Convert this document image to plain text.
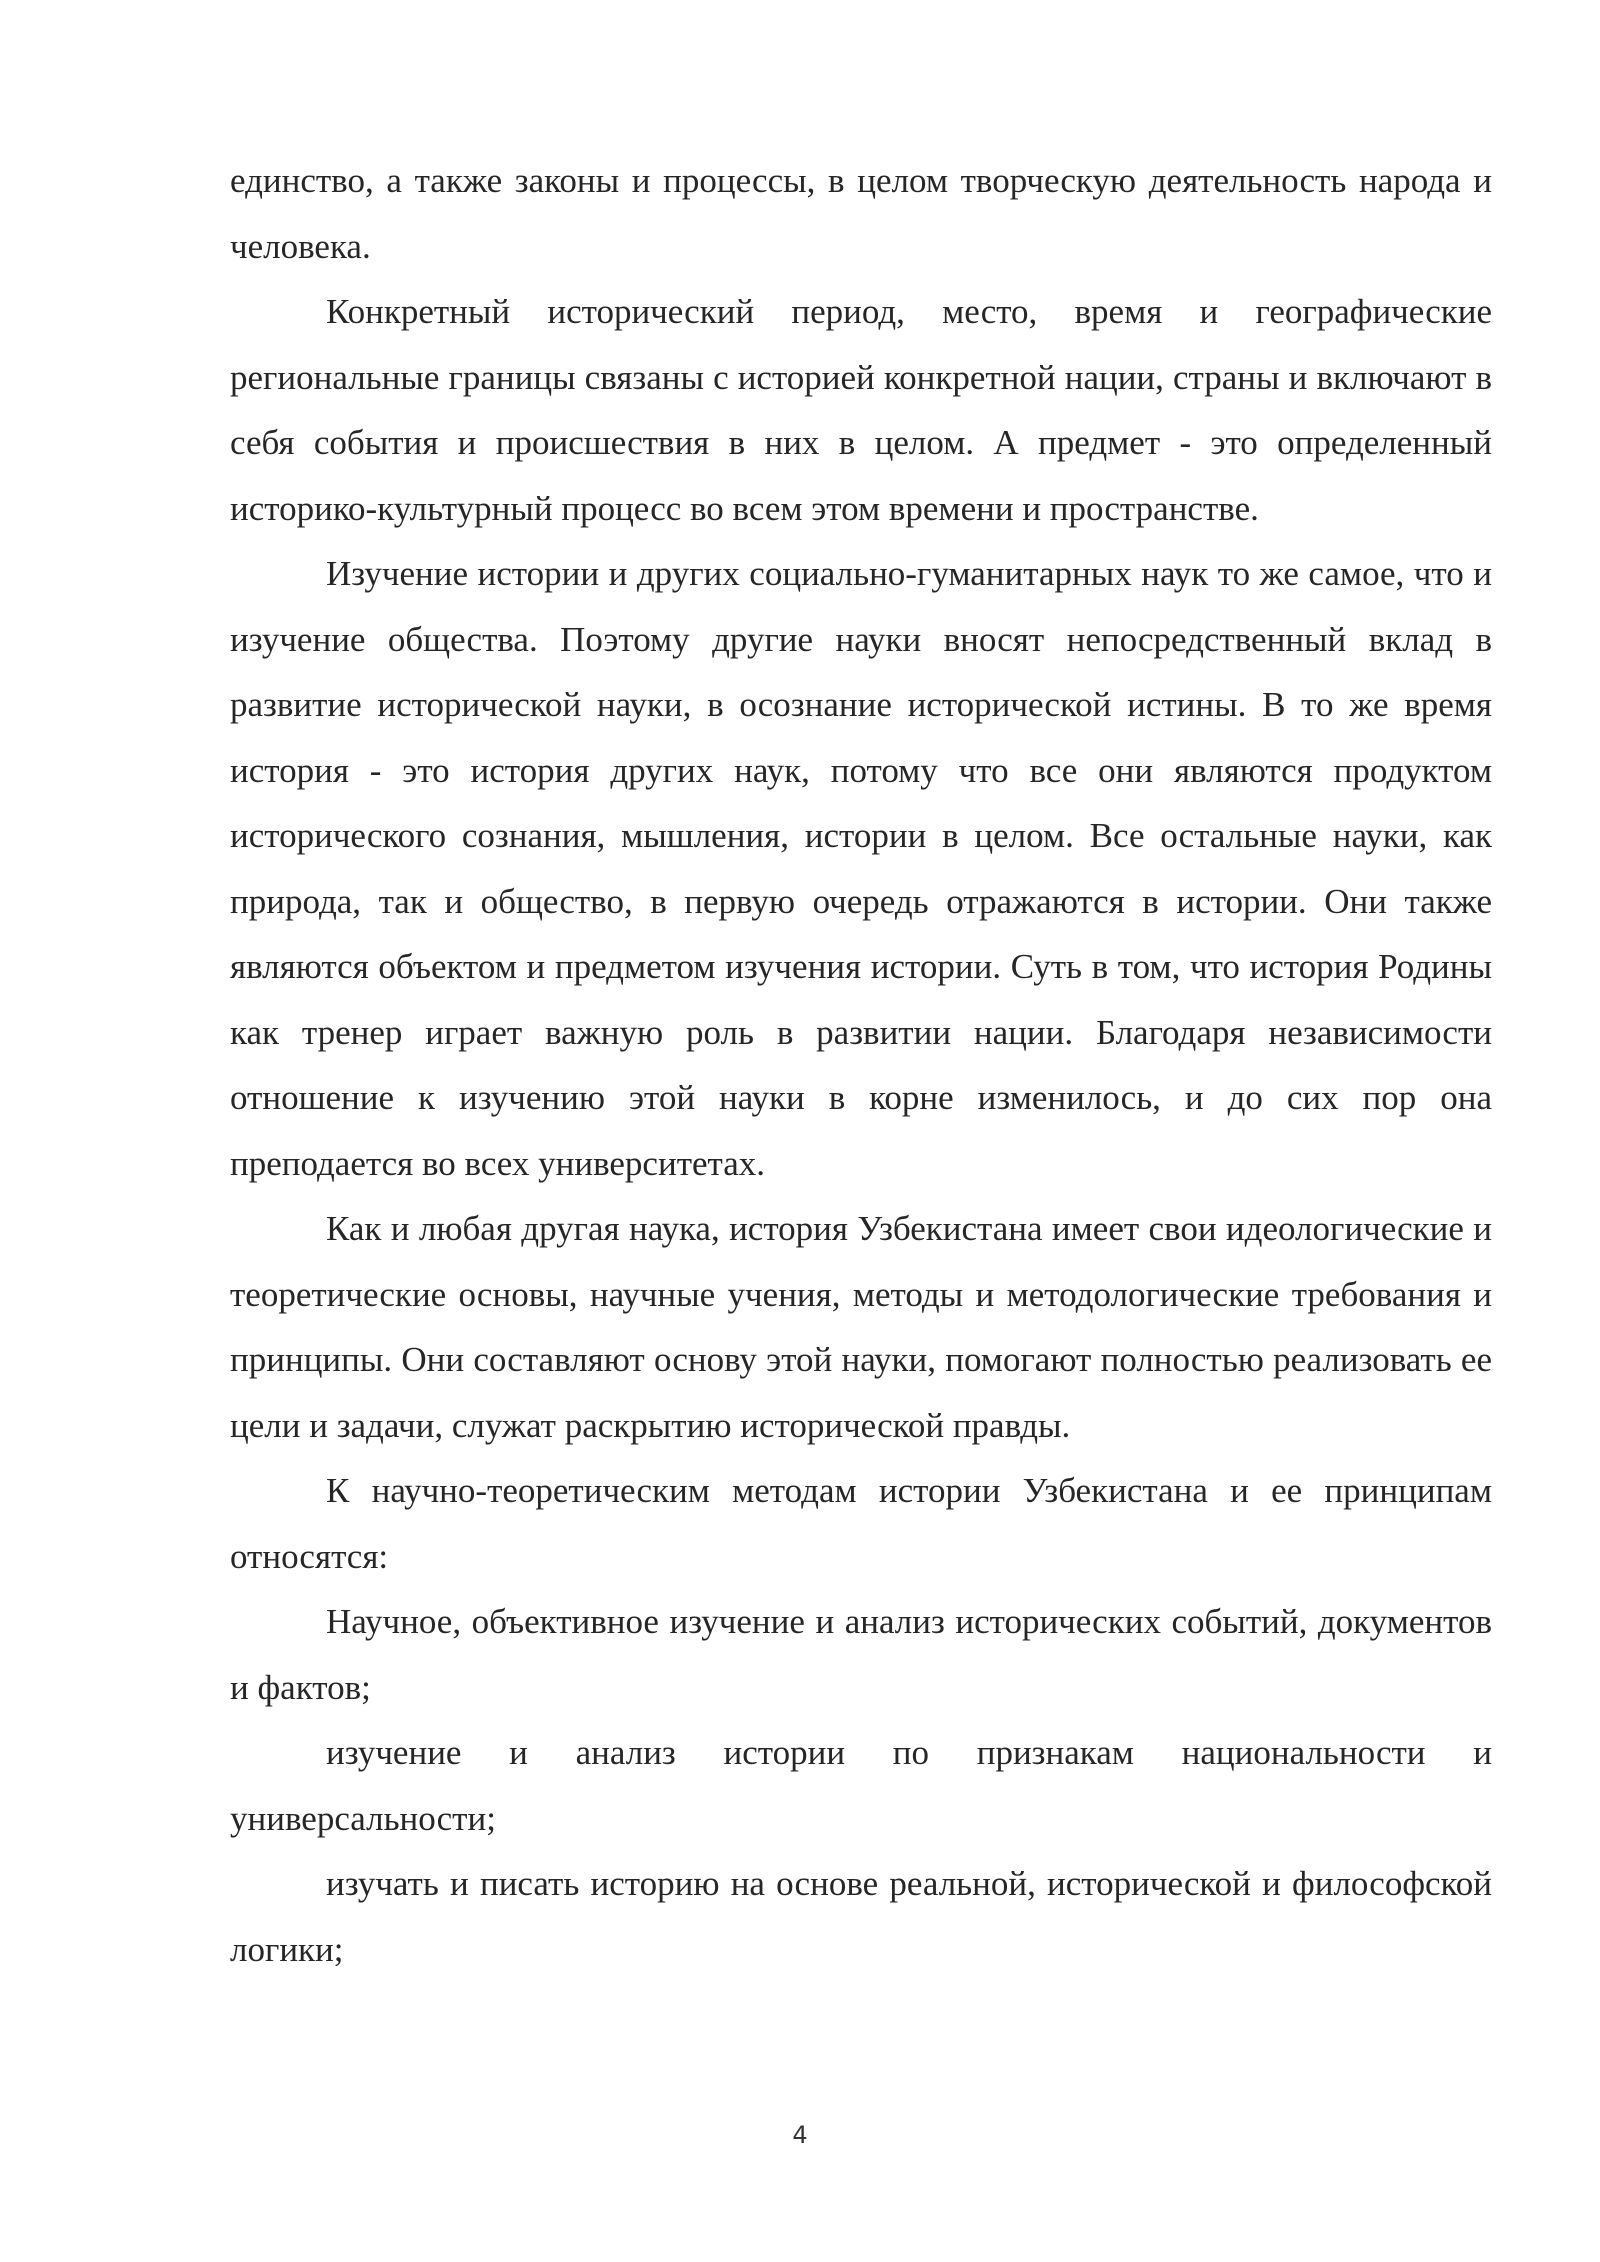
единство, а также законы и процессы, в целом творческую деятельность народа и человека.

Конкретный исторический период, место, время и географические региональные границы связаны с историей конкретной нации, страны и включают в себя события и происшествия в них в целом. А предмет - это определенный историко-культурный процесс во всем этом времени и пространстве.

Изучение истории и других социально-гуманитарных наук то же самое, что и изучение общества. Поэтому другие науки вносят непосредственный вклад в развитие исторической науки, в осознание исторической истины. В то же время история - это история других наук, потому что все они являются продуктом исторического сознания, мышления, истории в целом. Все остальные науки, как природа, так и общество, в первую очередь отражаются в истории. Они также являются объектом и предметом изучения истории. Суть в том, что история Родины как тренер играет важную роль в развитии нации. Благодаря независимости отношение к изучению этой науки в корне изменилось, и до сих пор она преподается во всех университетах.

Как и любая другая наука, история Узбекистана имеет свои идеологические и теоретические основы, научные учения, методы и методологические требования и принципы. Они составляют основу этой науки, помогают полностью реализовать ее цели и задачи, служат раскрытию исторической правды.

К научно-теоретическим методам истории Узбекистана и ее принципам относятся:

Научное, объективное изучение и анализ исторических событий, документов и фактов;

изучение и анализ истории по признакам национальности и универсальности;

изучать и писать историю на основе реальной, исторической и философской логики;

4
